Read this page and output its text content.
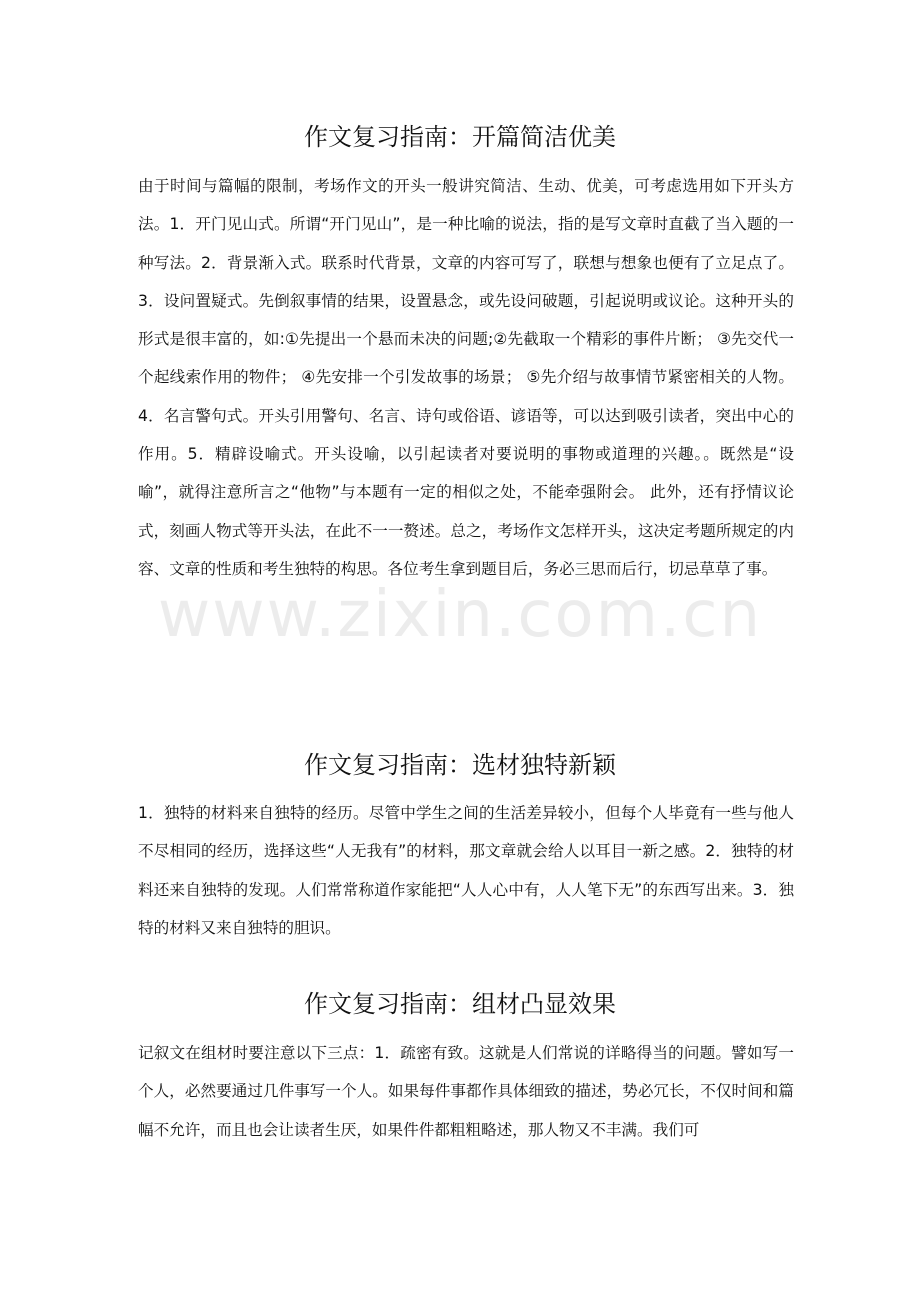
www.zixin.com.cn
作文复习指南：开篇简洁优美

由于时间与篇幅的限制，考场作文的开头一般讲究简洁、生动、优美，可考虑选用如下开头方法。1．开门见山式。所谓“开门见山”，是一种比喻的说法，指的是写文章时直截了当入题的一种写法。2．背景渐入式。联系时代背景，文章的内容可写了，联想与想象也便有了立足点了。3．设问置疑式。先倒叙事情的结果，设置悬念，或先设问破题，引起说明或议论。这种开头的形式是很丰富的，如:①先提出一个悬而未决的问题;②先截取一个精彩的事件片断； ③先交代一个起线索作用的物件； ④先安排一个引发故事的场景； ⑤先介绍与故事情节紧密相关的人物。4．名言警句式。开头引用警句、名言、诗句或俗语、谚语等，可以达到吸引读者，突出中心的作用。5．精辟设喻式。开头设喻，以引起读者对要说明的事物或道理的兴趣。。既然是“设喻”，就得注意所言之“他物”与本题有一定的相似之处，不能牵强附会。 此外，还有抒情议论式，刻画人物式等开头法，在此不一一赘述。总之，考场作文怎样开头，这决定考题所规定的内容、文章的性质和考生独特的构思。各位考生拿到题目后，务必三思而后行，切忌草草了事。

作文复习指南：选材独特新颖

1．独特的材料来自独特的经历。尽管中学生之间的生活差异较小，但每个人毕竟有一些与他人不尽相同的经历，选择这些“人无我有”的材料，那文章就会给人以耳目一新之感。2．独特的材料还来自独特的发现。人们常常称道作家能把“人人心中有，人人笔下无”的东西写出来。3．独特的材料又来自独特的胆识。

作文复习指南：组材凸显效果

记叙文在组材时要注意以下三点：1．疏密有致。这就是人们常说的详略得当的问题。譬如写一个人，必然要通过几件事写一个人。如果每件事都作具体细致的描述，势必冗长，不仅时间和篇幅不允许，而且也会让读者生厌，如果件件都粗粗略述，那人物又不丰满。我们可
